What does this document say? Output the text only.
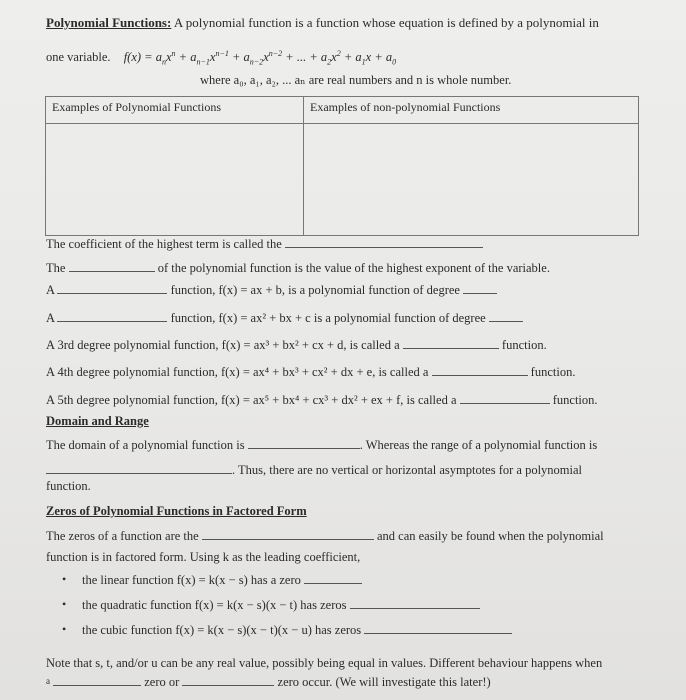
Polynomial Functions: A polynomial function is a function whose equation is defined by a polynomial in
one variable. $f(x) = a_nx^n + a_{n-1}x^{n-1} + a_{n-2}x^{n-2}$ + ... + $a_2x^2 + a_1x + a_0$
where a₀, a₁, a₂, ... aₙ are real numbers and n is whole number.
Examples of Polynomial Functions	Examples of non-polynomial Functions

The coefficient of the highest term is called the
The	of the polynomial function is the value of the highest exponent of the variable.
A	function, f(x) = ax + b, is a polynomial function of degree
A	function, f(x) = ax² + bx + c is a polynomial function of degree
A 3rd degree polynomial function, f(x) = ax³ + bx² + cx + d, is called a	function.
A 4th degree polynomial function, f(x) = ax⁴ + bx³ + cx² + dx + e, is called a	function.
A 5th degree polynomial function, f(x) = ax⁵ + bx⁴ + cx³ + dx² + ex + f, is called a	function.
Domain and Range
The domain of a polynomial function is	. Whereas the range of a polynomial function is
. Thus, there are no vertical or horizontal asymptotes for a polynomial
function.
Zeros of Polynomial Functions in Factored Form
The zeros of a function are the	and can easily be found when the polynomial
function is in factored form. Using k as the leading coefficient,
• the linear function f(x) = k(x − s) has a zero
• the quadratic function f(x) = k(x − s)(x − t) has zeros
• the cubic function f(x) = k(x − s)(x − t)(x − u) has zeros
Note that s, t, and/or u can be any real value, possibly being equal in values. Different behaviour happens when
$^a$	zero or	zero occur. (We will investigate this later!)
